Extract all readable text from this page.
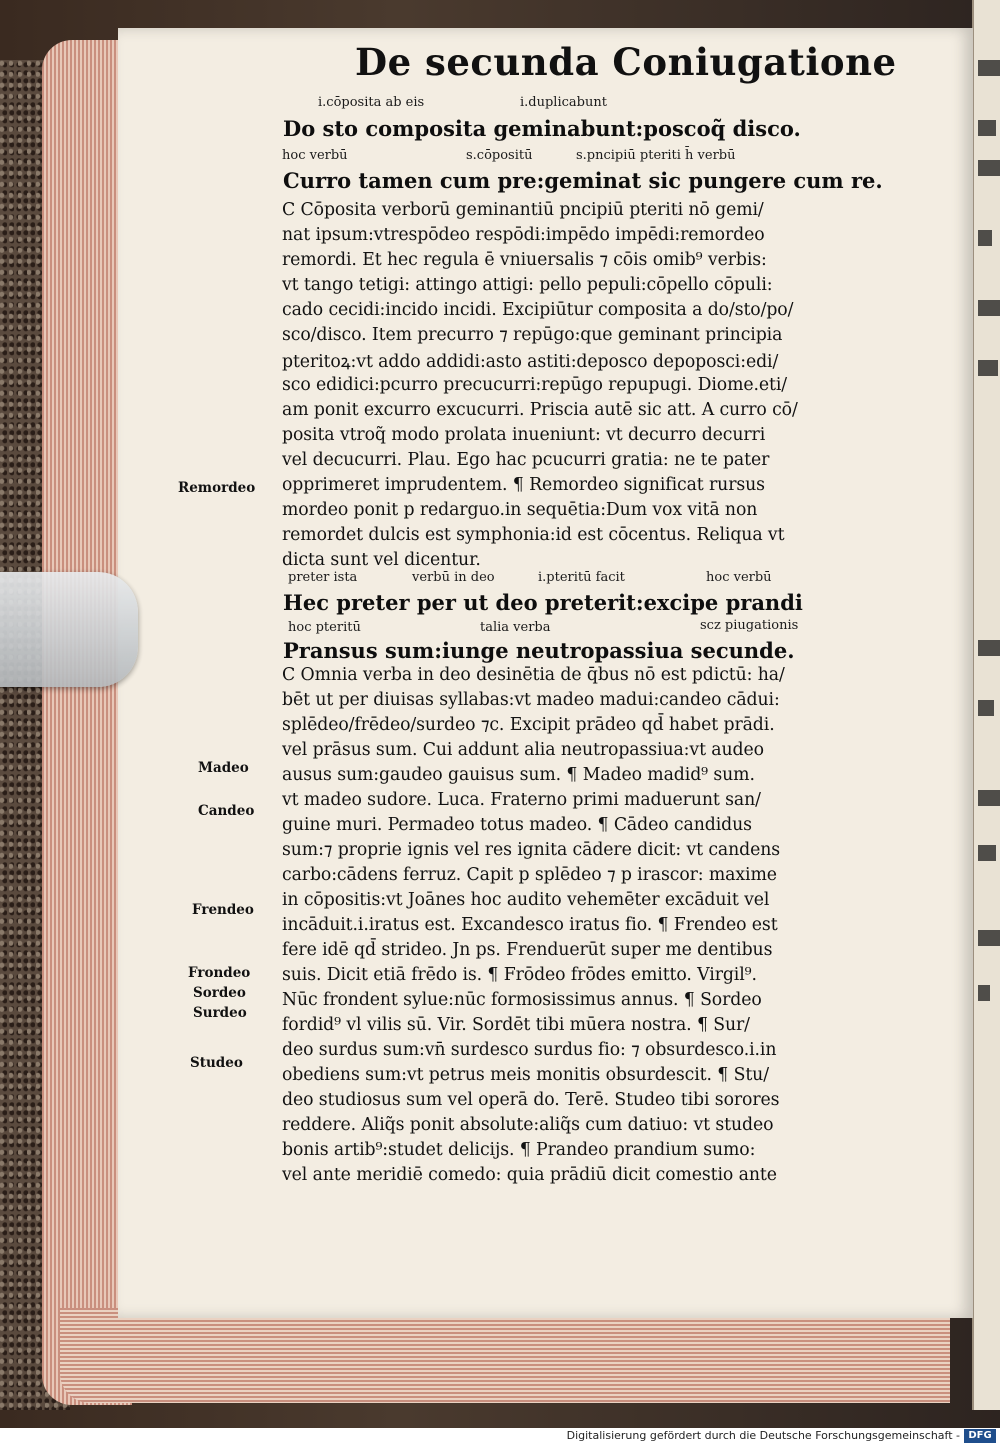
De secunda Coniugatione
i.cōposita ab eis	i.duplicabunt
hoc verbū	s.cōpositū	s.pncipiū pteriti h̄ verbū
Do sto composita geminabunt:poscoq̃ disco.
Curro tamen cum pre:geminat sic pungere cum re.
C Cōposita verborū geminantiū pncipiū pteriti nō gemi/
nat ipsum:vtrespōdeo respōdi:impēdo impēdi:remordeo
remordi. Et hec regula ē vniuersalis ⁊ cōis omib⁹ verbis:
vt tango tetigi: attingo attigi: pello pepuli:cōpello cōpuli:
cado cecidi:incido incidi. Excipiūtur composita a do/sto/po/
sco/disco. Item precurro ⁊ repūgo:que geminant principia
pteritoꝝ:vt addo addidi:asto astiti:deposco depoposci:edi/
sco edidici:pcurro precucurri:repūgo repupugi. Diome.eti/
am ponit excurro excucurri. Priscia autē sic att. A curro cō/
posita vtroq̃ modo prolata inueniunt: vt decurro decurri
vel decucurri. Plau. Ego hac pcucurri gratia: ne te pater
opprimeret imprudentem. ¶ Remordeo significat rursus
mordeo ponit p redarguo.in sequētia:Dum vox vitā non
remordet dulcis est symphonia:id est cōcentus. Reliqua vt
dicta sunt vel dicentur.
preter ista	verbū in deo	i.pteritū facit	hoc verbū
Hec preter per ut deo preterit:excipe prandi
hoc pteritū	talia verba	scz piugationis
Pransus sum:iunge neutropassiua secunde.
C Omnia verba in deo desinētia de q̄bus nō est pdictū: ha/
bēt ut per diuisas syllabas:vt madeo madui:candeo cādui:
splēdeo/frēdeo/surdeo ⁊c. Excipit prādeo qd̄ habet prādi.
vel prāsus sum. Cui addunt alia neutropassiua:vt audeo
ausus sum:gaudeo gauisus sum. ¶ Madeo madid⁹ sum.
vt madeo sudore. Luca. Fraterno primi maduerunt san/
guine muri. Permadeo totus madeo. ¶ Cādeo candidus
sum:⁊ proprie ignis vel res ignita cādere dicit: vt candens
carbo:cādens ferruz. Capit p splēdeo ⁊ p irascor: maxime
in cōpositis:vt Joānes hoc audito vehemēter excāduit vel
incāduit.i.iratus est. Excandesco iratus fio. ¶ Frendeo est
fere idē qd̄ strideo. Jn ps. Frenduerūt super me dentibus
suis. Dicit etiā frēdo is. ¶ Frōdeo frōdes emitto. Virgil⁹.
Nūc frondent sylue:nūc formosissimus annus. ¶ Sordeo
fordid⁹ vl vilis sū. Vir. Sordēt tibi mūera nostra. ¶ Sur/
deo surdus sum:vn̄ surdesco surdus fio: ⁊ obsurdesco.i.in
obediens sum:vt petrus meis monitis obsurdescit. ¶ Stu/
deo studiosus sum vel operā do. Terē. Studeo tibi sorores
reddere. Aliq̃s ponit absolute:aliq̃s cum datiuo: vt studeo
bonis artib⁹:studet delicijs. ¶ Prandeo prandium sumo:
vel ante meridiē comedo: quia prādiū dicit comestio ante
Remordeo
Madeo
Candeo
Frendeo
Frondeo
Sordeo
Surdeo
Studeo
Digitalisierung gefördert durch die Deutsche Forschungsgemeinschaft - DFG
